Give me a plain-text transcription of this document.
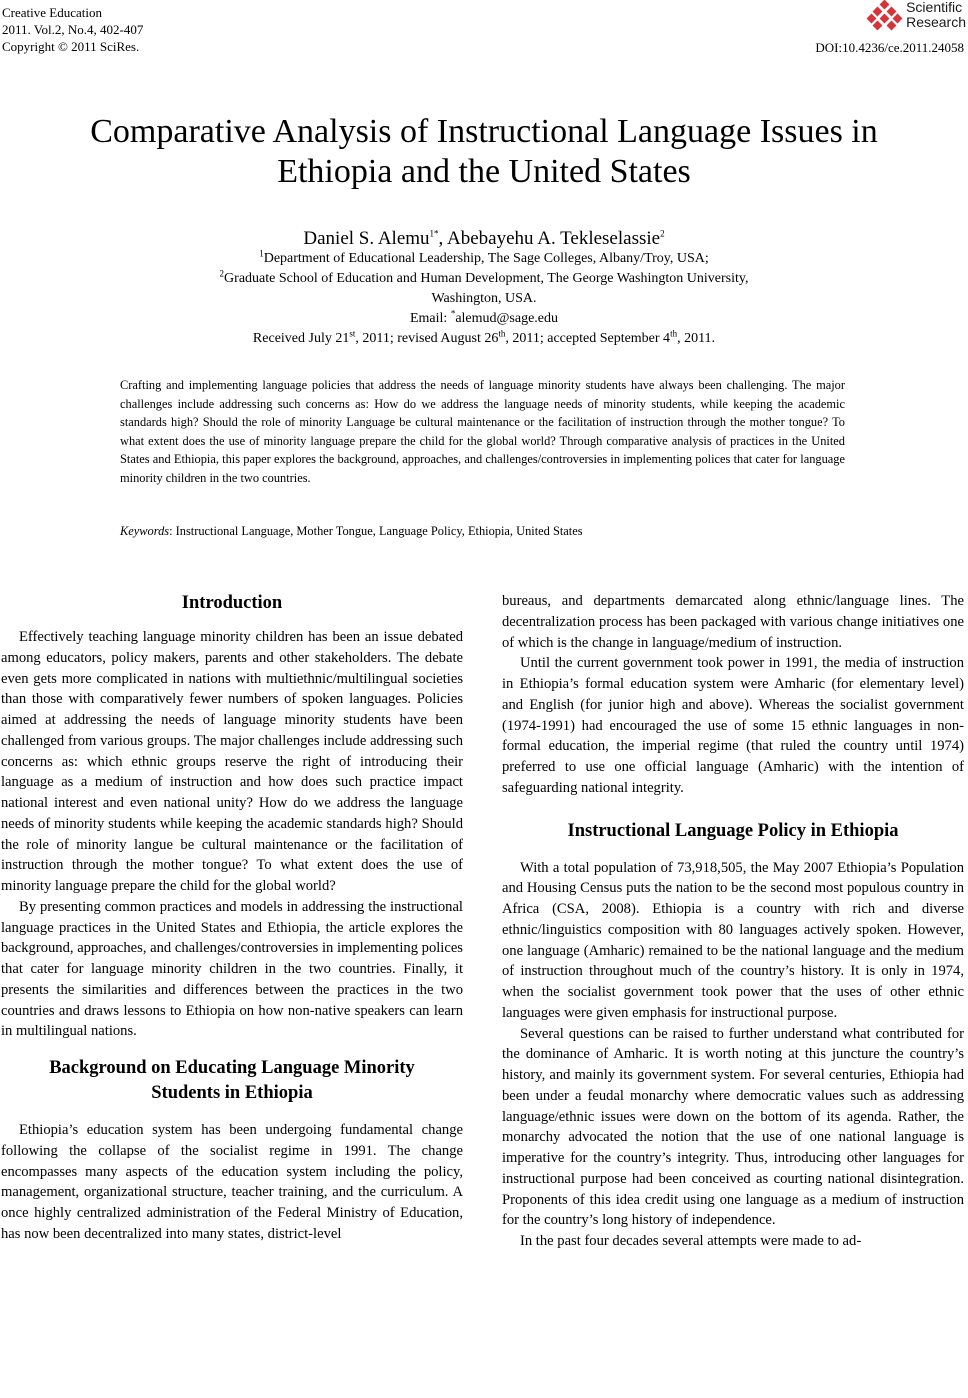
Creative Education
2011. Vol.2, No.4, 402-407
Copyright © 2011 SciRes.
Scientific
Research
DOI:10.4236/ce.2011.24058
Comparative Analysis of Instructional Language Issues in
Ethiopia and the United States
Daniel S. Alemu$^{1*}$, Abebayehu A. Tekleselassie$^2$
$^1$Department of Educational Leadership, The Sage Colleges, Albany/Troy, USA;
$^2$Graduate School of Education and Human Development, The George Washington University,
Washington, USA.
Email: *alemud@sage.edu
Received July 21st, 2011; revised August 26th, 2011; accepted September 4th, 2011.
Crafting and implementing language policies that address the needs of language minority students have always been challenging. The major challenges include addressing such concerns as: How do we address the language needs of minority students, while keeping the academic standards high? Should the role of minority Language be cultural maintenance or the facilitation of instruction through the mother tongue? To what extent does the use of minority language prepare the child for the global world? Through comparative analysis of practices in the United States and Ethiopia, this paper explores the background, approaches, and challenges/controversies in implementing polices that cater for language minority children in the two countries.
Keywords: Instructional Language, Mother Tongue, Language Policy, Ethiopia, United States
Introduction

Effectively teaching language minority children has been an issue debated among educators, policy makers, parents and other stakeholders. The debate even gets more complicated in nations with multiethnic/multilingual societies than those with comparatively fewer numbers of spoken languages. Policies aimed at addressing the needs of language minority students have been challenged from various groups. The major challenges include addressing such concerns as: which ethnic groups reserve the right of introducing their language as a medium of instruction and how does such practice impact national interest and even national unity? How do we address the language needs of minority students while keeping the academic standards high? Should the role of minority langue be cultural maintenance or the facilitation of instruction through the mother tongue? To what extent does the use of minority language prepare the child for the global world?

By presenting common practices and models in addressing the instructional language practices in the United States and Ethiopia, the article explores the background, approaches, and challenges/controversies in implementing polices that cater for language minority children in the two countries. Finally, it presents the similarities and differences between the practices in the two countries and draws lessons to Ethiopia on how non-native speakers can learn in multilingual nations.

Background on Educating Language Minority
Students in Ethiopia

Ethiopia’s education system has been undergoing fundamental change following the collapse of the socialist regime in 1991. The change encompasses many aspects of the education system including the policy, management, organizational structure, teacher training, and the curriculum. A once highly centralized administration of the Federal Ministry of Education, has now been decentralized into many states, district-level

bureaus, and departments demarcated along ethnic/language lines. The decentralization process has been packaged with various change initiatives one of which is the change in language/medium of instruction.

Until the current government took power in 1991, the media of instruction in Ethiopia’s formal education system were Amharic (for elementary level) and English (for junior high and above). Whereas the socialist government (1974-1991) had encouraged the use of some 15 ethnic languages in non-formal education, the imperial regime (that ruled the country until 1974) preferred to use one official language (Amharic) with the intention of safeguarding national integrity.

Instructional Language Policy in Ethiopia

With a total population of 73,918,505, the May 2007 Ethiopia’s Population and Housing Census puts the nation to be the second most populous country in Africa (CSA, 2008). Ethiopia is a country with rich and diverse ethnic/linguistics composition with 80 languages actively spoken. However, one language (Amharic) remained to be the national language and the medium of instruction throughout much of the country’s history. It is only in 1974, when the socialist government took power that the uses of other ethnic languages were given emphasis for instructional purpose.

Several questions can be raised to further understand what contributed for the dominance of Amharic. It is worth noting at this juncture the country’s history, and mainly its government system. For several centuries, Ethiopia had been under a feudal monarchy where democratic values such as addressing language/ethnic issues were down on the bottom of its agenda. Rather, the monarchy advocated the notion that the use of one national language is imperative for the country’s integrity. Thus, introducing other languages for instructional purpose had been conceived as courting national disintegration. Proponents of this idea credit using one language as a medium of instruction for the country’s long history of independence.

In the past four decades several attempts were made to ad-
